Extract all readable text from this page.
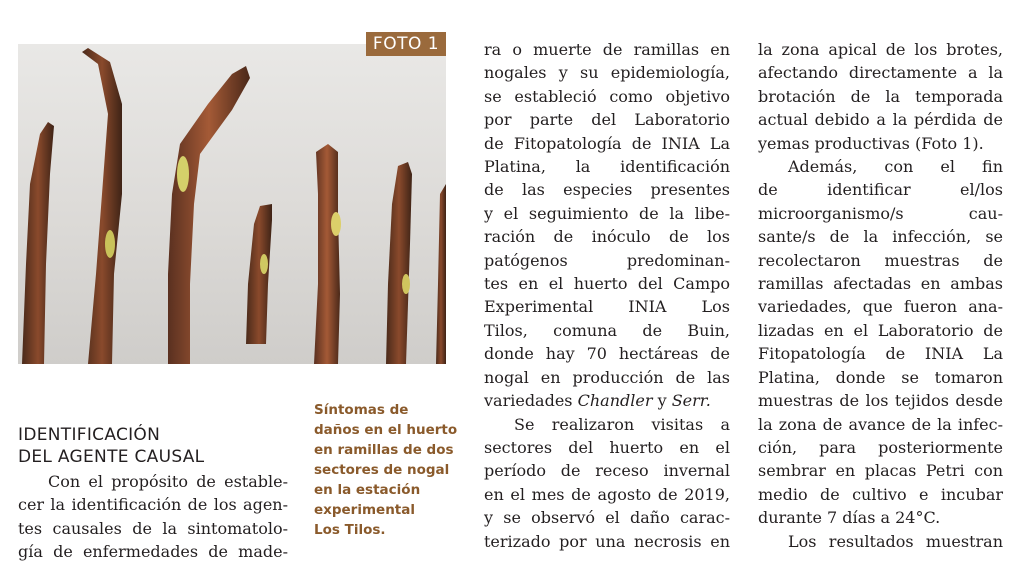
FOTO 1
Síntomas de
daños en el huerto
en ramillas de dos
sectores de nogal
en la estación
experimental
Los Tilos.
IDENTIFICACIÓN
DEL AGENTE CAUSAL
Con el propósito de estable-
cer la identificación de los agen-
tes causales de la sintomatolo-
gía de enfermedades de made-
ra o muerte de ramillas en
nogales y su epidemiología,
se estableció como objetivo
por parte del Laboratorio
de Fitopatología de INIA La
Platina, la identificación
de las especies presentes
y el seguimiento de la libe-
ración de inóculo de los
patógenos predominan-
tes en el huerto del Campo
Experimental INIA Los
Tilos, comuna de Buin,
donde hay 70 hectáreas de
nogal en producción de las
variedades Chandler y Serr.
Se realizaron visitas a
sectores del huerto en el
período de receso invernal
en el mes de agosto de 2019,
y se observó el daño carac-
terizado por una necrosis en
la zona apical de los brotes,
afectando directamente a la
brotación de la temporada
actual debido a la pérdida de
yemas productivas (Foto 1).
Además, con el fin
de identificar el/los
microorganismo/s cau-
sante/s de la infección, se
recolectaron muestras de
ramillas afectadas en ambas
variedades, que fueron ana-
lizadas en el Laboratorio de
Fitopatología de INIA La
Platina, donde se tomaron
muestras de los tejidos desde
la zona de avance de la infec-
ción, para posteriormente
sembrar en placas Petri con
medio de cultivo e incubar
durante 7 días a 24°C.
Los resultados muestran
